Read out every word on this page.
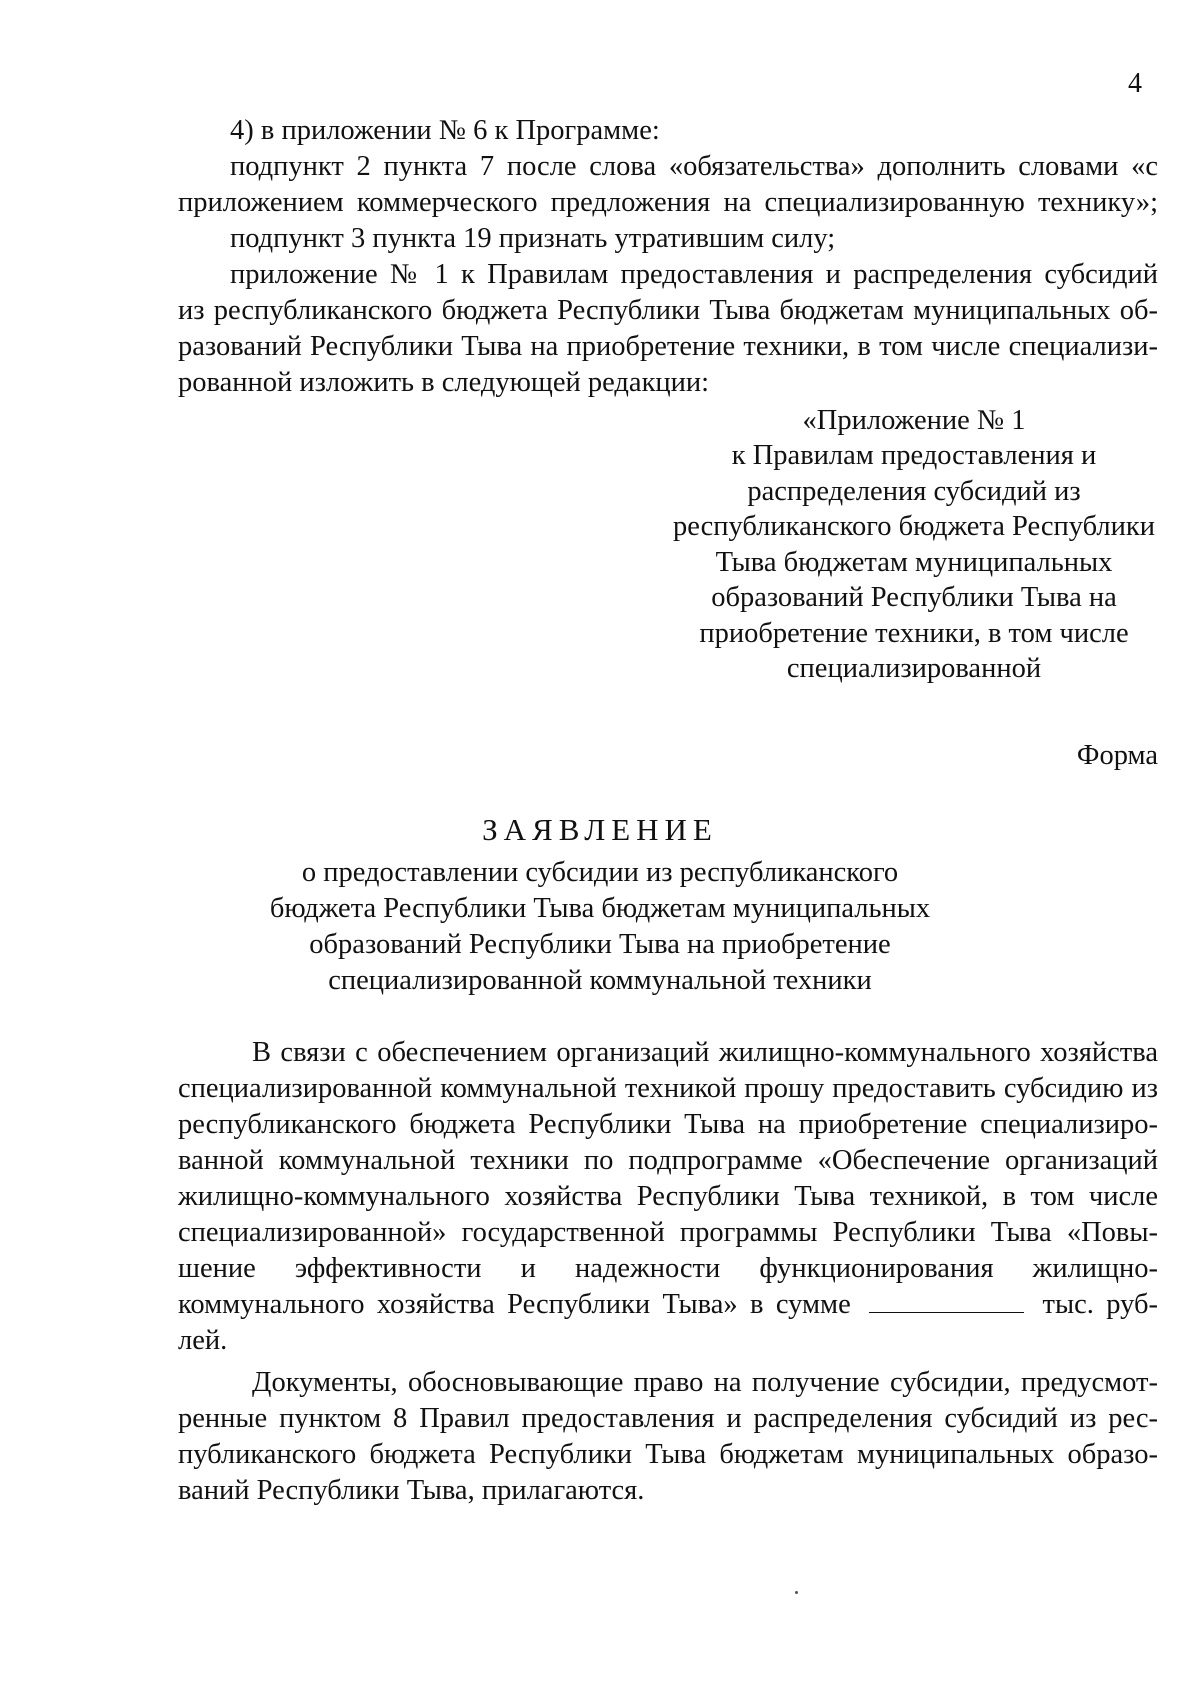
4
4) в приложении № 6 к Программе:
подпункт 2 пункта 7 после слова «обязательства» дополнить словами «с
приложением коммерческого предложения на специализированную технику»;
подпункт 3 пункта 19 признать утратившим силу;
приложение № 1 к Правилам предоставления и распределения субсидий
из республиканского бюджета Республики Тыва бюджетам муниципальных об-
разований Республики Тыва на приобретение техники, в том числе специализи-
рованной изложить в следующей редакции:
«Приложение № 1
к Правилам предоставления и
распределения субсидий из
республиканского бюджета Республики
Тыва бюджетам муниципальных
образований Республики Тыва на
приобретение техники, в том числе
специализированной
Форма
ЗАЯВЛЕНИЕ
о предоставлении субсидии из республиканского
бюджета Республики Тыва бюджетам муниципальных
образований Республики Тыва на приобретение
специализированной коммунальной техники
В связи с обеспечением организаций жилищно-коммунального хозяйства
специализированной коммунальной техникой прошу предоставить субсидию из
республиканского бюджета Республики Тыва на приобретение специализиро-
ванной коммунальной техники по подпрограмме «Обеспечение организаций
жилищно-коммунального хозяйства Республики Тыва техникой, в том числе
специализированной» государственной программы Республики Тыва «Повы-
шение эффективности и надежности функционирования жилищно-
коммунального хозяйства Республики Тыва» в сумме	тыс. руб-
лей.
Документы, обосновывающие право на получение субсидии, предусмот-
ренные пунктом 8 Правил предоставления и распределения субсидий из рес-
публиканского бюджета Республики Тыва бюджетам муниципальных образо-
ваний Республики Тыва, прилагаются.
